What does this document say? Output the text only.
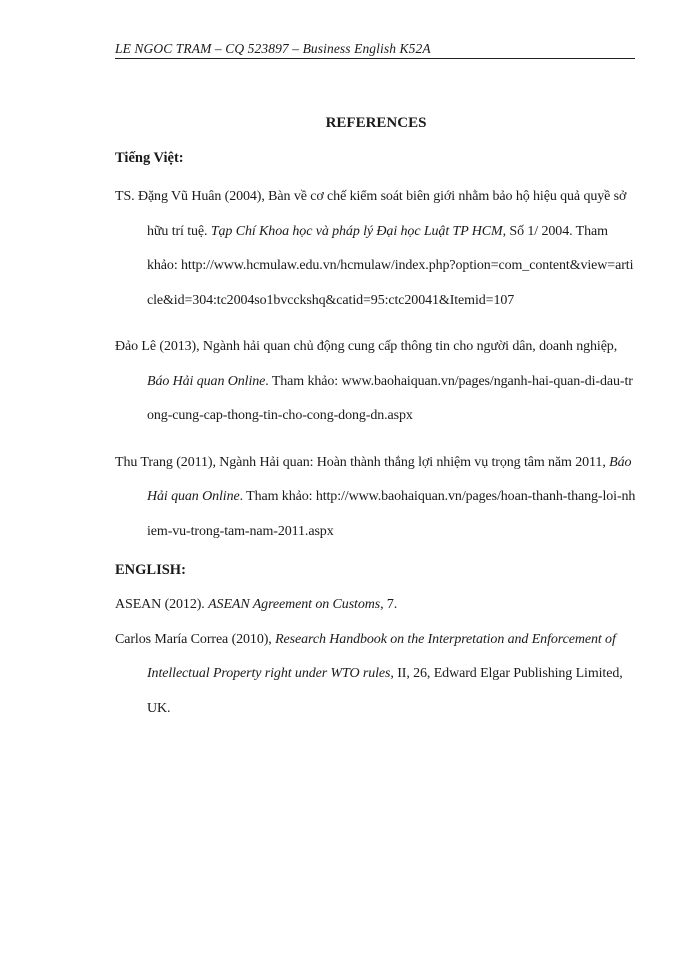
LE NGOC TRAM – CQ 523897 – Business English K52A
REFERENCES
Tiếng Việt:

TS. Đặng Vũ Huân (2004), Bàn về cơ chế kiểm soát biên giới nhằm bảo hộ hiệu quả quyề sở hữu trí tuệ. Tạp Chí Khoa học và pháp lý Đại học Luật TP HCM, Số 1/ 2004. Tham khảo: http://www.hcmulaw.edu.vn/hcmulaw/index.php?option=com_content&view=article&id=304:tc2004so1bvcckshq&catid=95:ctc20041&Itemid=107

Đảo Lê (2013), Ngành hải quan chủ động cung cấp thông tin cho người dân, doanh nghiệp, Báo Hải quan Online. Tham khảo: www.baohaiquan.vn/pages/nganh-hai-quan-di-dau-trong-cung-cap-thong-tin-cho-cong-dong-dn.aspx

Thu Trang (2011), Ngành Hải quan: Hoàn thành thắng lợi nhiệm vụ trọng tâm năm 2011, Báo Hải quan Online. Tham khảo: http://www.baohaiquan.vn/pages/hoan-thanh-thang-loi-nhiem-vu-trong-tam-nam-2011.aspx

ENGLISH:

ASEAN (2012). ASEAN Agreement on Customs, 7.

Carlos María Correa (2010), Research Handbook on the Interpretation and Enforcement of Intellectual Property right under WTO rules, II, 26, Edward Elgar Publishing Limited, UK.
